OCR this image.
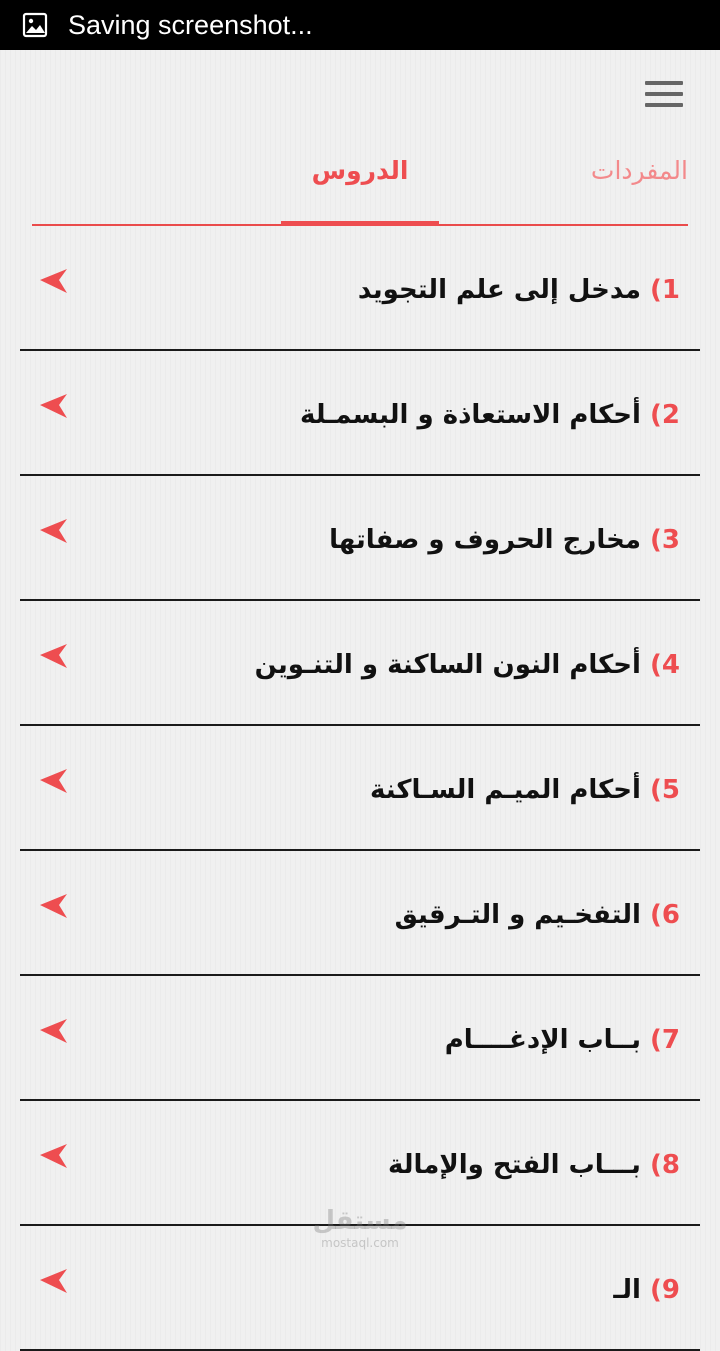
Saving screenshot...
المفردات
الدروس
1) مدخل إلى علم التجويد
2) أحكام الاستعاذة و البسمـلة
3) مخارج الحروف و صفاتها
4) أحكام النون الساكنة و التنـوين
5) أحكام الميـم السـاكنة
6) التفخـيم و التـرقيق
7) بــاب الإدغــــام
8) بـــاب الفتح والإمالة
9) الـ
مستقل
mostaql.com
